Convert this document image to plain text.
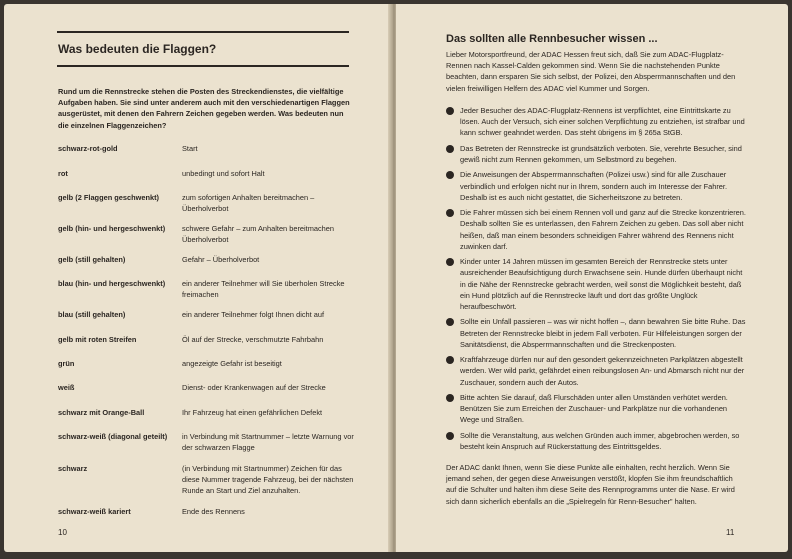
Was bedeuten die Flaggen?
Rund um die Rennstrecke stehen die Posten des Streckendienstes, die vielfältige Aufgaben haben. Sie sind unter anderem auch mit den verschiedenartigen Flaggen ausgerüstet, mit denen den Fahrern Zeichen gegeben werden. Was bedeuten nun die einzelnen Flaggenzeichen?
schwarz-rot-gold	Start
rot	unbedingt und sofort Halt
gelb (2 Flaggen geschwenkt)	zum sofortigen Anhalten bereitmachen – Überholverbot
gelb (hin- und hergeschwenkt)	schwere Gefahr – zum Anhalten bereitmachen Überholverbot
gelb (still gehalten)	Gefahr – Überholverbot
blau (hin- und hergeschwenkt)	ein anderer Teilnehmer will Sie überholen Strecke freimachen
blau (still gehalten)	ein anderer Teilnehmer folgt Ihnen dicht auf
gelb mit roten Streifen	Öl auf der Strecke, verschmutzte Fahrbahn
grün	angezeigte Gefahr ist beseitigt
weiß	Dienst- oder Krankenwagen auf der Strecke
schwarz mit Orange-Ball	Ihr Fahrzeug hat einen gefährlichen Defekt
schwarz-weiß (diagonal geteilt)	in Verbindung mit Startnummer – letzte Warnung vor der schwarzen Flagge
schwarz	(in Verbindung mit Startnummer) Zeichen für das diese Nummer tragende Fahrzeug, bei der nächsten Runde an Start und Ziel anzuhalten.
schwarz-weiß kariert	Ende des Rennens
10
Das sollten alle Rennbesucher wissen ...
Lieber Motorsportfreund, der ADAC Hessen freut sich, daß Sie zum ADAC-Flugplatz-Rennen nach Kassel-Calden gekommen sind. Wenn Sie die nachstehenden Punkte beachten, dann ersparen Sie sich selbst, der Polizei, den Absperrmannschaften und den vielen freiwilligen Helfern des ADAC viel Kummer und Sorgen.
Jeder Besucher des ADAC-Flugplatz-Rennens ist verpflichtet, eine Eintrittskarte zu lösen. Auch der Versuch, sich einer solchen Verpflichtung zu entziehen, ist strafbar und kann schwer geahndet werden. Das steht übrigens im § 265a StGB.
Das Betreten der Rennstrecke ist grundsätzlich verboten. Sie, verehrte Besucher, sind gewiß nicht zum Rennen gekommen, um Selbstmord zu begehen.
Die Anweisungen der Absperrmannschaften (Polizei usw.) sind für alle Zuschauer verbindlich und erfolgen nicht nur in Ihrem, sondern auch im Interesse der Fahrer. Deshalb ist es auch nicht gestattet, die Sicherheitszone zu betreten.
Die Fahrer müssen sich bei einem Rennen voll und ganz auf die Strecke konzentrieren. Deshalb sollten Sie es unterlassen, den Fahrern Zeichen zu geben. Das soll aber nicht heißen, daß man einem besonders schneidigen Fahrer während des Rennens nicht zuwinken darf.
Kinder unter 14 Jahren müssen im gesamten Bereich der Rennstrecke stets unter ausreichender Beaufsichtigung durch Erwachsene sein. Hunde dürfen überhaupt nicht in die Nähe der Rennstrecke gebracht werden, weil sonst die Möglichkeit besteht, daß ein Hund plötzlich auf die Rennstrecke läuft und dort das größte Unglück heraufbeschwört.
Sollte ein Unfall passieren – was wir nicht hoffen –, dann bewahren Sie bitte Ruhe. Das Betreten der Rennstrecke bleibt in jedem Fall verboten. Für Hilfeleistungen sorgen der Sanitätsdienst, die Absperrmannschaften und die Streckenposten.
Kraftfahrzeuge dürfen nur auf den gesondert gekennzeichneten Parkplätzen abgestellt werden. Wer wild parkt, gefährdet einen reibungslosen An- und Abmarsch nicht nur der Zuschauer, sondern auch der Autos.
Bitte achten Sie darauf, daß Flurschäden unter allen Umständen verhütet werden. Benützen Sie zum Erreichen der Zuschauer- und Parkplätze nur die vorhandenen Wege und Straßen.
Sollte die Veranstaltung, aus welchen Gründen auch immer, abgebrochen werden, so besteht kein Anspruch auf Rückerstattung des Eintrittsgeldes.
Der ADAC dankt Ihnen, wenn Sie diese Punkte alle einhalten, recht herzlich. Wenn Sie jemand sehen, der gegen diese Anweisungen verstößt, klopfen Sie ihm freundschaftlich auf die Schulter und halten ihm diese Seite des Rennprogramms unter die Nase. Er wird sich dann sicherlich ebenfalls an die „Spielregeln für Renn-Besucher" halten.
11
